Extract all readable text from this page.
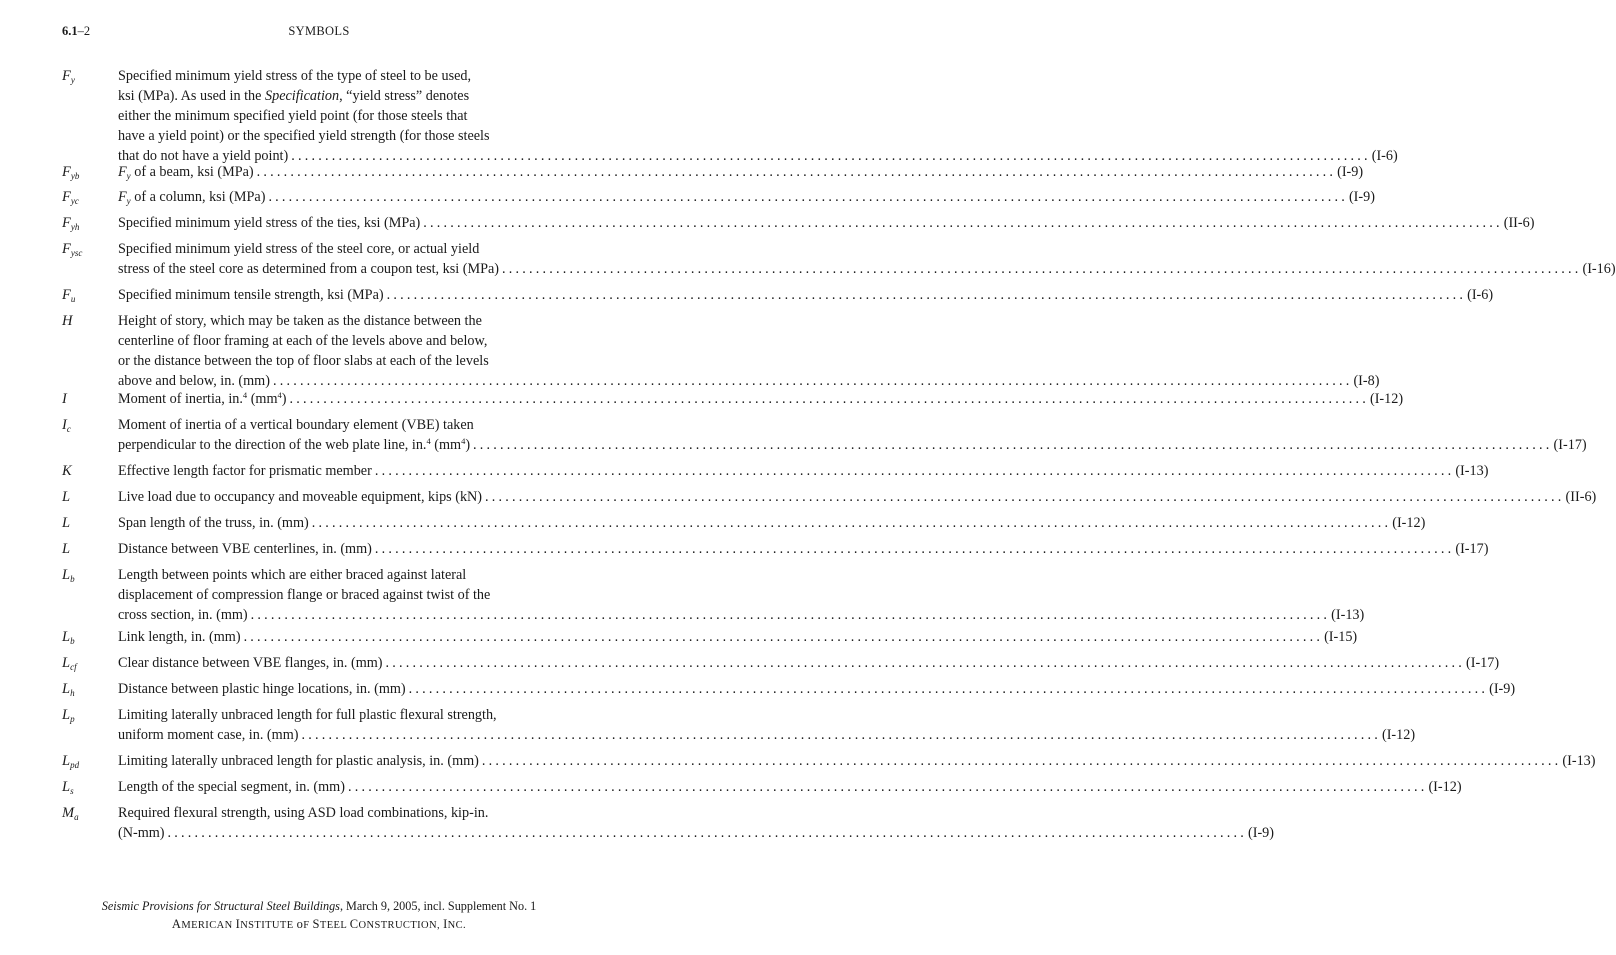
6.1–2	SYMBOLS
$F_y$	Specified minimum yield stress of the type of steel to be used,
ksi (MPa). As used in the Specification, “yield stress” denotes
either the minimum specified yield point (for those steels that
have a yield point) or the specified yield strength (for those steels
that do not have a yield point) ................................................................................................................................................................ (I-6)
$F_{yb}$	$F_y$ of a beam, ksi (MPa) ................................................................................................................................................................ (I-9)
$F_{yc}$	$F_y$ of a column, ksi (MPa) ................................................................................................................................................................ (I-9)
$F_{yh}$	Specified minimum yield stress of the ties, ksi (MPa) ................................................................................................................................................................ (II-6)
$F_{ysc}$	Specified minimum yield stress of the steel core, or actual yield
stress of the steel core as determined from a coupon test, ksi (MPa) ................................................................................................................................................................ (I-16)
$F_u$	Specified minimum tensile strength, ksi (MPa) ................................................................................................................................................................ (I-6)
H	Height of story, which may be taken as the distance between the
centerline of floor framing at each of the levels above and below,
or the distance between the top of floor slabs at each of the levels
above and below, in. (mm) ................................................................................................................................................................ (I-8)
I	Moment of inertia, in.$^4$ $(mm^4)$ ................................................................................................................................................................ (I-12)
$I_c$	Moment of inertia of a vertical boundary element (VBE) taken
perpendicular to the direction of the web plate line, in.$^4$ $(mm^4)$ ................................................................................................................................................................ (I-17)
K	Effective length factor for prismatic member ................................................................................................................................................................ (I-13)
L	Live load due to occupancy and moveable equipment, kips (kN) ................................................................................................................................................................ (II-6)
L	Span length of the truss, in. (mm) ................................................................................................................................................................ (I-12)
L	Distance between VBE centerlines, in. (mm) ................................................................................................................................................................ (I-17)
$L_b$	Length between points which are either braced against lateral
displacement of compression flange or braced against twist of the
cross section, in. (mm) ................................................................................................................................................................ (I-13)
$L_b$	Link length, in. (mm) ................................................................................................................................................................ (I-15)
$L_{cf}$	Clear distance between VBE flanges, in. (mm) ................................................................................................................................................................ (I-17)
$L_h$	Distance between plastic hinge locations, in. (mm) ................................................................................................................................................................ (I-9)
$L_p$	Limiting laterally unbraced length for full plastic flexural strength,
uniform moment case, in. (mm) ................................................................................................................................................................ (I-12)
$L_{pd}$	Limiting laterally unbraced length for plastic analysis, in. (mm) ................................................................................................................................................................ (I-13)
$L_s$	Length of the special segment, in. (mm) ................................................................................................................................................................ (I-12)
$M_a$	Required flexural strength, using ASD load combinations, kip-in.
(N-mm) ................................................................................................................................................................ (I-9)
Seismic Provisions for Structural Steel Buildings, March 9, 2005, incl. Supplement No. 1
AMERICAN INSTITUTE oF STEEL CONSTRUCTION, INC.
